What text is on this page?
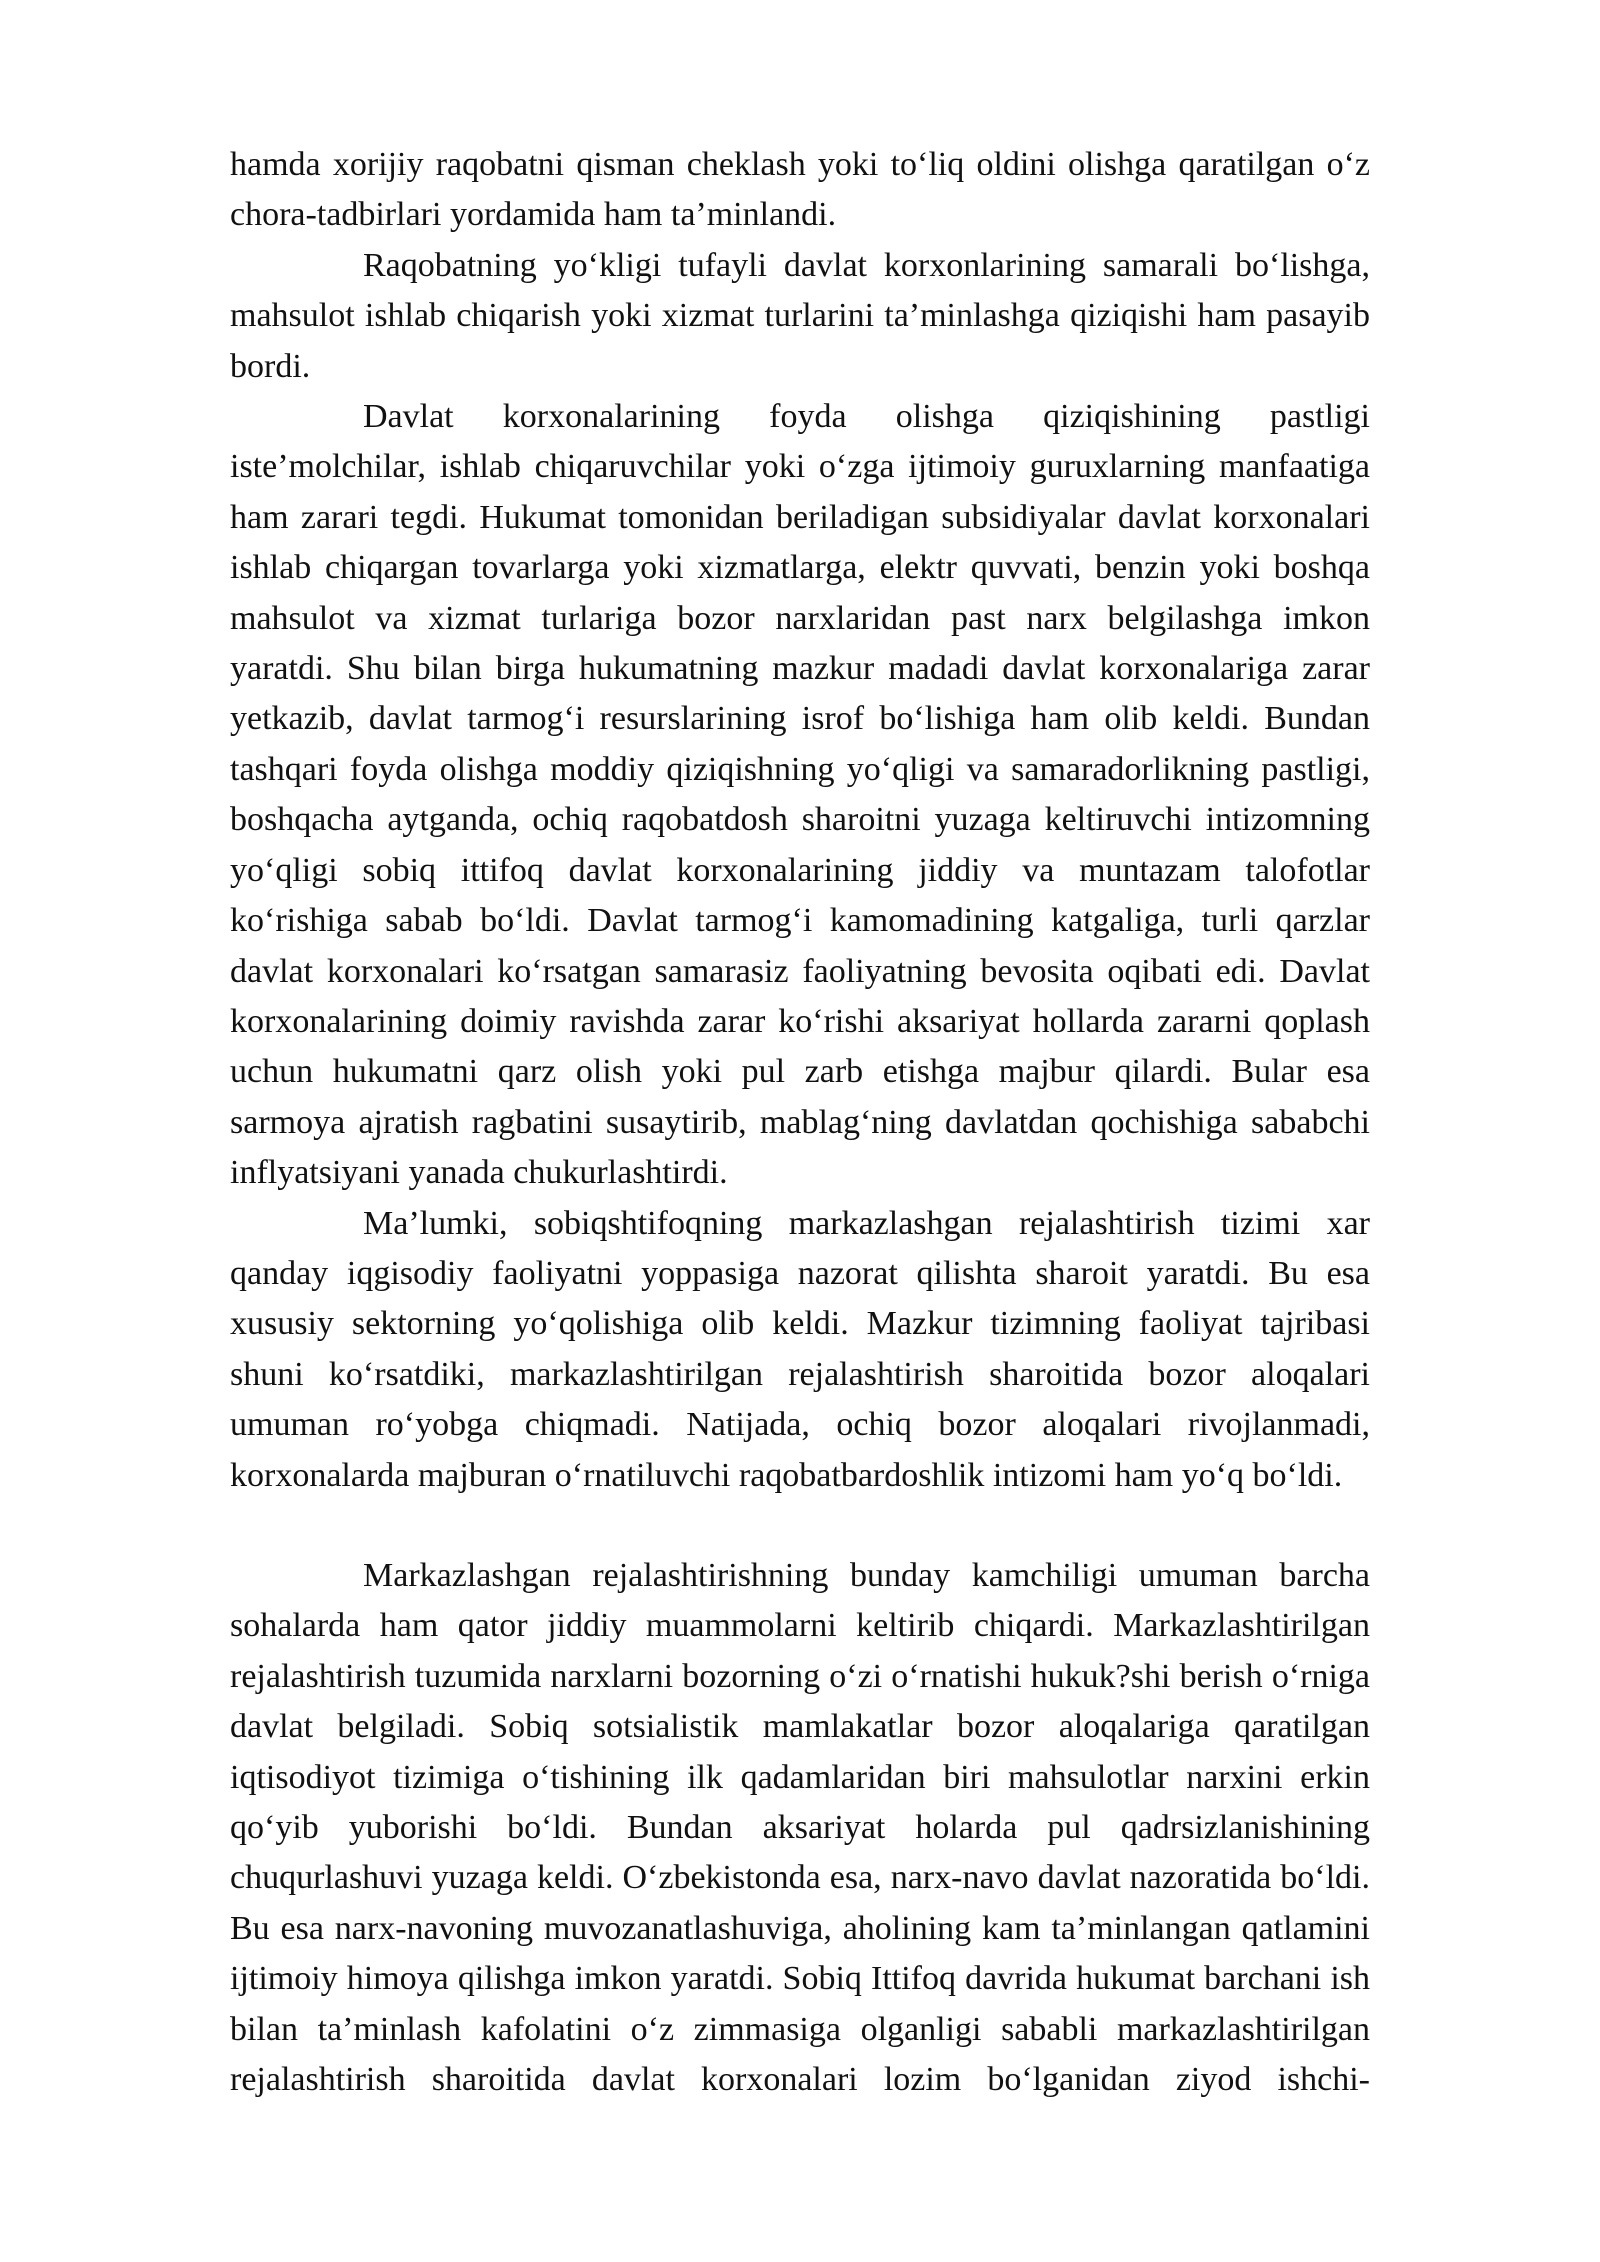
hamda xorijiy raqobatni qisman cheklash yoki to‘liq oldini olishga qaratilgan o‘z chora-tadbirlari yordamida ham ta’minlandi.

Raqobatning yo‘kligi tufayli davlat korxonlarining samarali bo‘lishga, mahsulot ishlab chiqarish yoki xizmat turlarini ta’minlashga qiziqishi ham pasayib bordi.

Davlat korxonalarining foyda olishga qiziqishining pastligi iste’molchilar, ishlab chiqaruvchilar yoki o‘zga ijtimoiy guruxlarning manfaatiga ham zarari tegdi. Hukumat tomonidan beriladigan subsidiyalar davlat korxonalari ishlab chiqargan tovarlarga yoki xizmatlarga, elektr quvvati, benzin yoki boshqa mahsulot va xizmat turlariga bozor narxlaridan past narx belgilashga imkon yaratdi. Shu bilan birga hukumatning mazkur madadi davlat korxonalariga zarar yetkazib, davlat tarmog‘i resurslarining isrof bo‘lishiga ham olib keldi. Bundan tashqari foyda olishga moddiy qiziqishning yo‘qligi va samaradorlikning pastligi, boshqacha aytganda, ochiq raqobatdosh sharoitni yuzaga keltiruvchi intizomning yo‘qligi sobiq ittifoq davlat korxonalarining jiddiy va muntazam talofotlar ko‘rishiga sabab bo‘ldi. Davlat tarmog‘i kamomadining katgaliga, turli qarzlar davlat korxonalari ko‘rsatgan samarasiz faoliyatning bevosita oqibati edi. Davlat korxonalarining doimiy ravishda zarar ko‘rishi aksariyat hollarda zararni qoplash uchun hukumatni qarz olish yoki pul zarb etishga majbur qilardi. Bular esa sarmoya ajratish ragbatini susaytirib, mablag‘ning davlatdan qochishiga sababchi inflyatsiyani yanada chukurlashtirdi.

Ma’lumki, sobiqshtifoqning markazlashgan rejalashtirish tizimi xar qanday iqgisodiy faoliyatni yoppasiga nazorat qilishta sharoit yaratdi. Bu esa xususiy sektorning yo‘qolishiga olib keldi. Mazkur tizimning faoliyat tajribasi shuni ko‘rsatdiki, markazlashtirilgan rejalashtirish sharoitida bozor aloqalari umuman ro‘yobga chiqmadi. Natijada, ochiq bozor aloqalari rivojlanmadi, korxonalarda majburan o‘rnatiluvchi raqobatbardoshlik intizomi ham yo‘q bo‘ldi.

Markazlashgan rejalashtirishning bunday kamchiligi umuman barcha sohalarda ham qator jiddiy muammolarni keltirib chiqardi. Markazlashtirilgan rejalashtirish tuzumida narxlarni bozorning o‘zi o‘rnatishi hukuk?shi berish o‘rniga davlat belgiladi. Sobiq sotsialistik mamlakatlar bozor aloqalariga qaratilgan iqtisodiyot tizimiga o‘tishining ilk qadamlaridan biri mahsulotlar narxini erkin qo‘yib yuborishi bo‘ldi. Bundan aksariyat holarda pul qadrsizlanishining chuqurlashuvi yuzaga keldi. O‘zbekistonda esa, narx-navo davlat nazoratida bo‘ldi. Bu esa narx-navoning muvozanatlashuviga, aholining kam ta’minlangan qatlamini ijtimoiy himoya qilishga imkon yaratdi. Sobiq Ittifoq davrida hukumat barchani ish bilan ta’minlash kafolatini o‘z zimmasiga olganligi sababli markazlashtirilgan rejalashtirish sharoitida davlat korxonalari lozim bo‘lganidan ziyod ishchi-
